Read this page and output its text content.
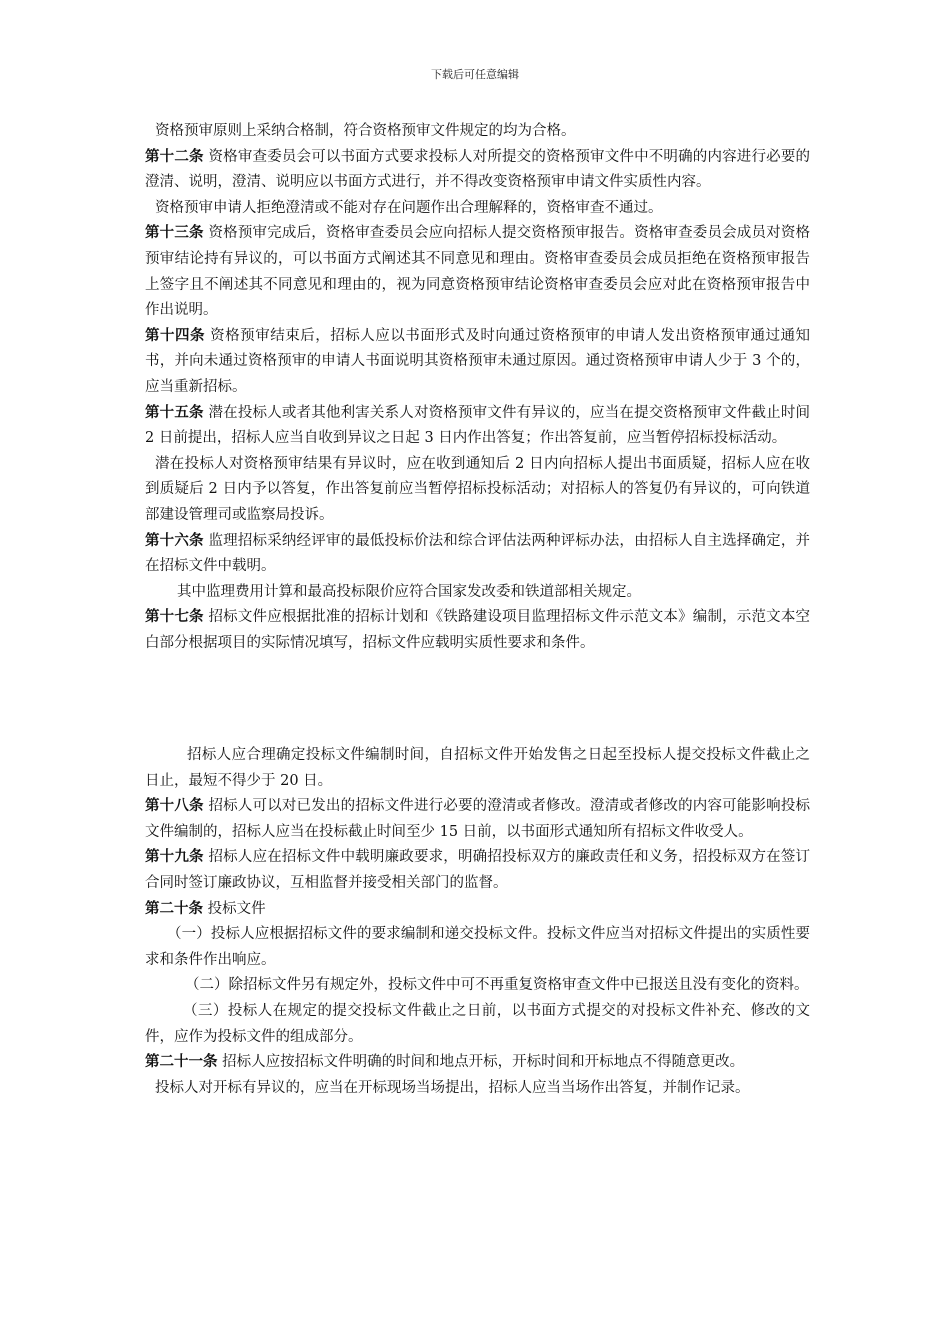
下载后可任意编辑

资格预审原则上采纳合格制，符合资格预审文件规定的均为合格。

第十二条 资格审查委员会可以书面方式要求投标人对所提交的资格预审文件中不明确的内容进行必要的澄清、说明，澄清、说明应以书面方式进行，并不得改变资格预审申请文件实质性内容。

资格预审申请人拒绝澄清或不能对存在问题作出合理解释的，资格审查不通过。

第十三条 资格预审完成后，资格审查委员会应向招标人提交资格预审报告。资格审查委员会成员对资格预审结论持有异议的，可以书面方式阐述其不同意见和理由。资格审查委员会成员拒绝在资格预审报告上签字且不阐述其不同意见和理由的，视为同意资格预审结论资格审查委员会应对此在资格预审报告中作出说明。

第十四条 资格预审结束后，招标人应以书面形式及时向通过资格预审的申请人发出资格预审通过通知书，并向未通过资格预审的申请人书面说明其资格预审未通过原因。通过资格预审申请人少于 3 个的，应当重新招标。

第十五条 潜在投标人或者其他利害关系人对资格预审文件有异议的，应当在提交资格预审文件截止时间 2 日前提出，招标人应当自收到异议之日起 3 日内作出答复；作出答复前，应当暂停招标投标活动。

潜在投标人对资格预审结果有异议时，应在收到通知后 2 日内向招标人提出书面质疑，招标人应在收到质疑后 2 日内予以答复，作出答复前应当暂停招标投标活动；对招标人的答复仍有异议的，可向铁道部建设管理司或监察局投诉。

第十六条 监理招标采纳经评审的最低投标价法和综合评估法两种评标办法，由招标人自主选择确定，并在招标文件中载明。

其中监理费用计算和最高投标限价应符合国家发改委和铁道部相关规定。

第十七条 招标文件应根据批准的招标计划和《铁路建设项目监理招标文件示范文本》编制，示范文本空白部分根据项目的实际情况填写，招标文件应载明实质性要求和条件。

招标人应合理确定投标文件编制时间，自招标文件开始发售之日起至投标人提交投标文件截止之日止，最短不得少于 20 日。

第十八条 招标人可以对已发出的招标文件进行必要的澄清或者修改。澄清或者修改的内容可能影响投标文件编制的，招标人应当在投标截止时间至少 15 日前，以书面形式通知所有招标文件收受人。

第十九条 招标人应在招标文件中载明廉政要求，明确招投标双方的廉政责任和义务，招投标双方在签订合同时签订廉政协议，互相监督并接受相关部门的监督。

第二十条 投标文件

（一）投标人应根据招标文件的要求编制和递交投标文件。投标文件应当对招标文件提出的实质性要求和条件作出响应。

（二）除招标文件另有规定外，投标文件中可不再重复资格审查文件中已报送且没有变化的资料。

（三）投标人在规定的提交投标文件截止之日前，以书面方式提交的对投标文件补充、修改的文件，应作为投标文件的组成部分。

第二十一条 招标人应按招标文件明确的时间和地点开标，开标时间和开标地点不得随意更改。

投标人对开标有异议的，应当在开标现场当场提出，招标人应当当场作出答复，并制作记录。
